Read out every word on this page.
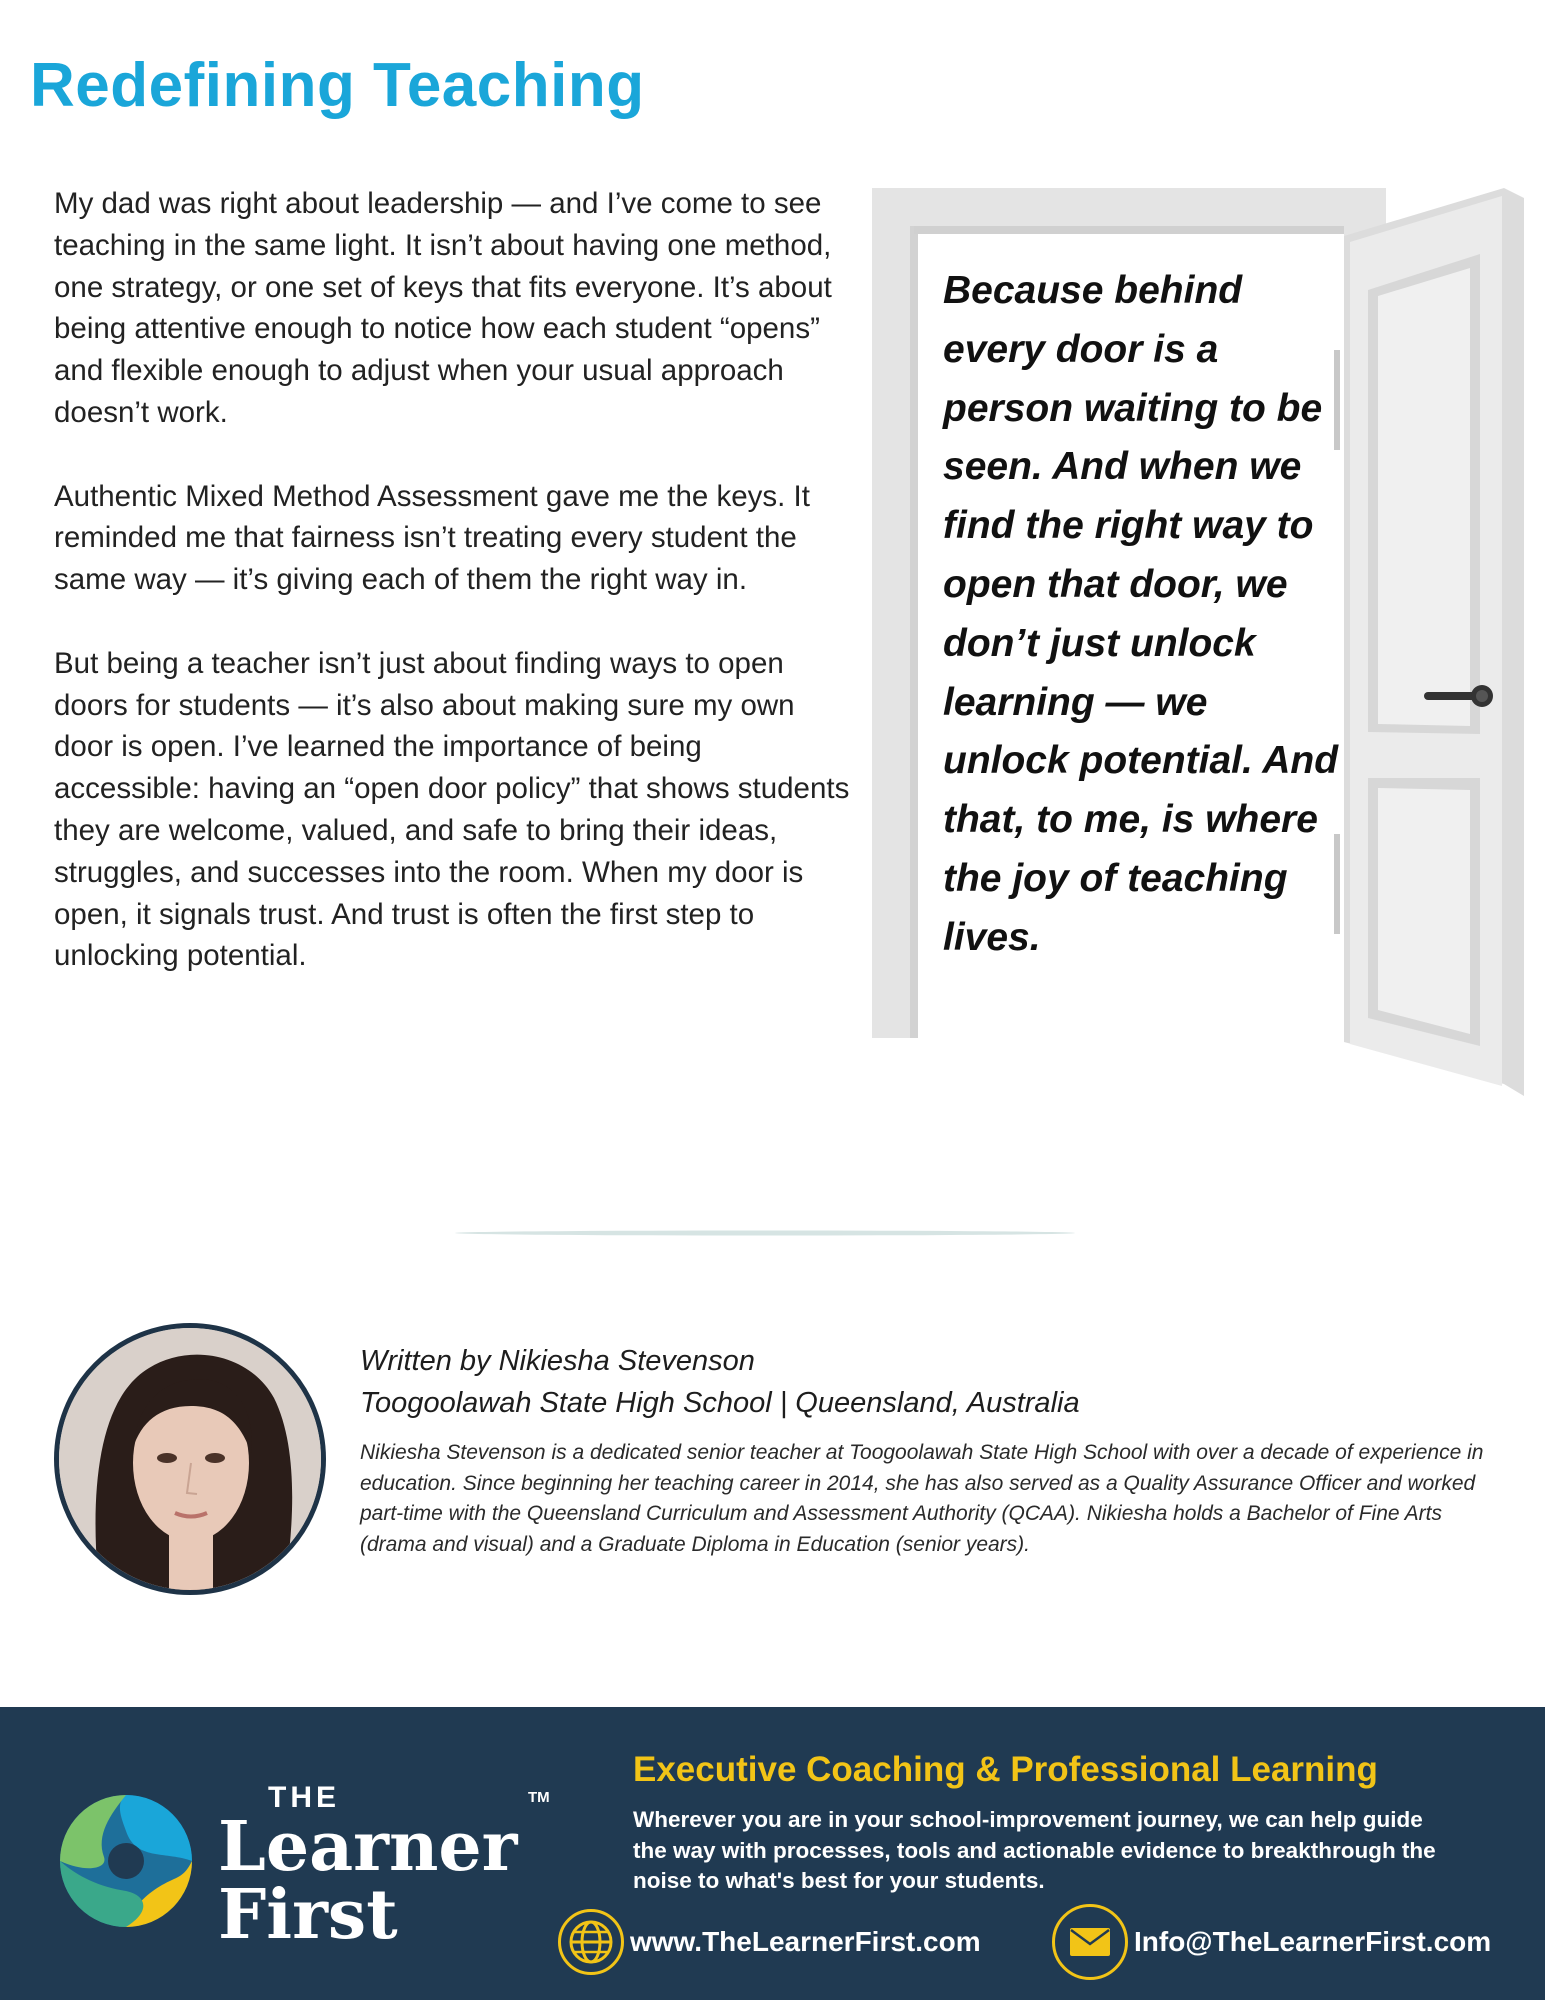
Redefining Teaching

My dad was right about leadership — and I’ve come to see teaching in the same light. It isn’t about having one method, one strategy, or one set of keys that fits everyone. It’s about being attentive enough to notice how each student “opens” and flexible enough to adjust when your usual approach doesn’t work.

Authentic Mixed Method Assessment gave me the keys. It reminded me that fairness isn’t treating every student the same way — it’s giving each of them the right way in.

But being a teacher isn’t just about finding ways to open doors for students — it’s also about making sure my own door is open. I’ve learned the importance of being accessible: having an “open door policy” that shows students they are welcome, valued, and safe to bring their ideas, struggles, and successes into the room. When my door is open, it signals trust. And trust is often the first step to unlocking potential.

Because behind every door is a person waiting to be seen. And when we find the right way to open that door, we don’t just unlock learning — we unlock potential. And that, to me, is where the joy of teaching lives.

Written by Nikiesha Stevenson

Toogoolawah State High School | Queensland, Australia

Nikiesha Stevenson is a dedicated senior teacher at Toogoolawah State High School with over a decade of experience in education. Since beginning her teaching career in 2014, she has also served as a Quality Assurance Officer and worked part-time with the Queensland Curriculum and Assessment Authority (QCAA). Nikiesha holds a Bachelor of Fine Arts (drama and visual) and a Graduate Diploma in Education (senior years).

THE

Learner
First

TM

Executive Coaching & Professional Learning

Wherever you are in your school-improvement journey, we can help guide the way with processes, tools and actionable evidence to breakthrough the noise to what's best for your students.

www.TheLearnerFirst.com	Info@TheLearnerFirst.com
